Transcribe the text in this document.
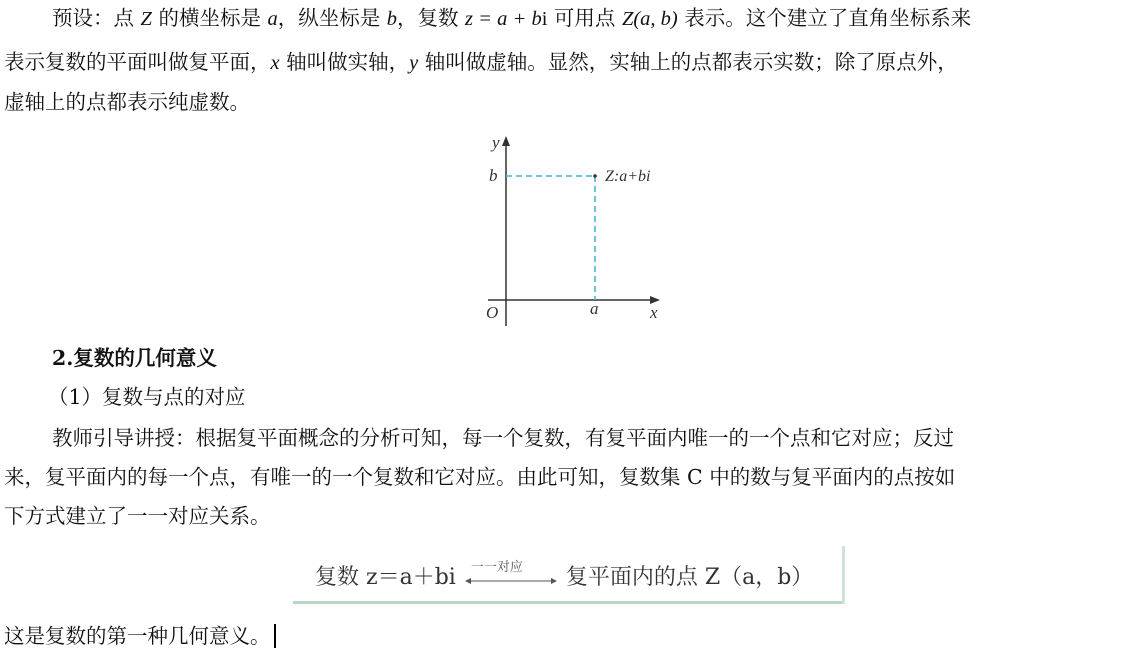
预设：点 Z 的横坐标是 a，纵坐标是 b，复数 z = a + bi 可用点 Z(a, b) 表示。这个建立了直角坐标系来
表示复数的平面叫做复平面，x 轴叫做实轴，y 轴叫做虚轴。显然，实轴上的点都表示实数；除了原点外，
虚轴上的点都表示纯虚数。
y
b	Z:a+bi
O	a	x
2.复数的几何意义
（1）复数与点的对应
教师引导讲授：根据复平面概念的分析可知，每一个复数，有复平面内唯一的一个点和它对应；反过
来，复平面内的每一个点，有唯一的一个复数和它对应。由此可知，复数集 C 中的数与复平面内的点按如
下方式建立了一一对应关系。
复数 z＝a＋bi 一一对应 复平面内的点 Z（a，b）
这是复数的第一种几何意义。
